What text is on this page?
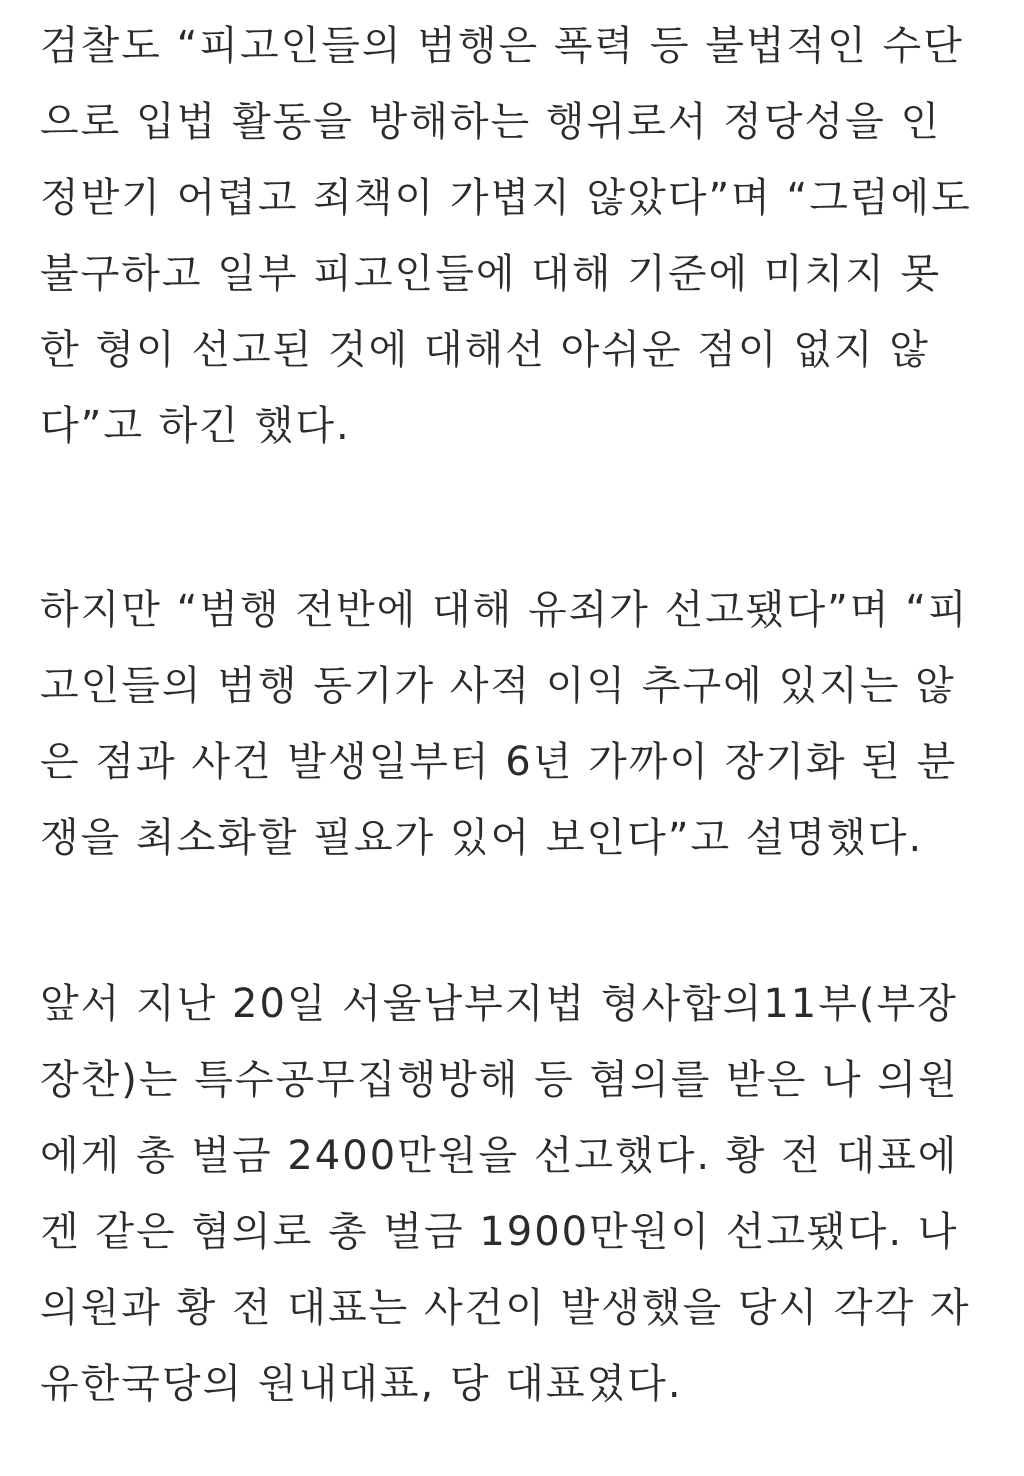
검찰도 “피고인들의 범행은 폭력 등 불법적인 수단
으로 입법 활동을 방해하는 행위로서 정당성을 인
정받기 어렵고 죄책이 가볍지 않았다”며 “그럼에도
불구하고 일부 피고인들에 대해 기준에 미치지 못
한 형이 선고된 것에 대해선 아쉬운 점이 없지 않
다”고 하긴 했다.
하지만 “범행 전반에 대해 유죄가 선고됐다”며 “피
고인들의 범행 동기가 사적 이익 추구에 있지는 않
은 점과 사건 발생일부터 6년 가까이 장기화 된 분
쟁을 최소화할 필요가 있어 보인다”고 설명했다.
앞서 지난 20일 서울남부지법 형사합의11부(부장
장찬)는 특수공무집행방해 등 혐의를 받은 나 의원
에게 총 벌금 2400만원을 선고했다. 황 전 대표에
겐 같은 혐의로 총 벌금 1900만원이 선고됐다. 나
의원과 황 전 대표는 사건이 발생했을 당시 각각 자
유한국당의 원내대표, 당 대표였다.
